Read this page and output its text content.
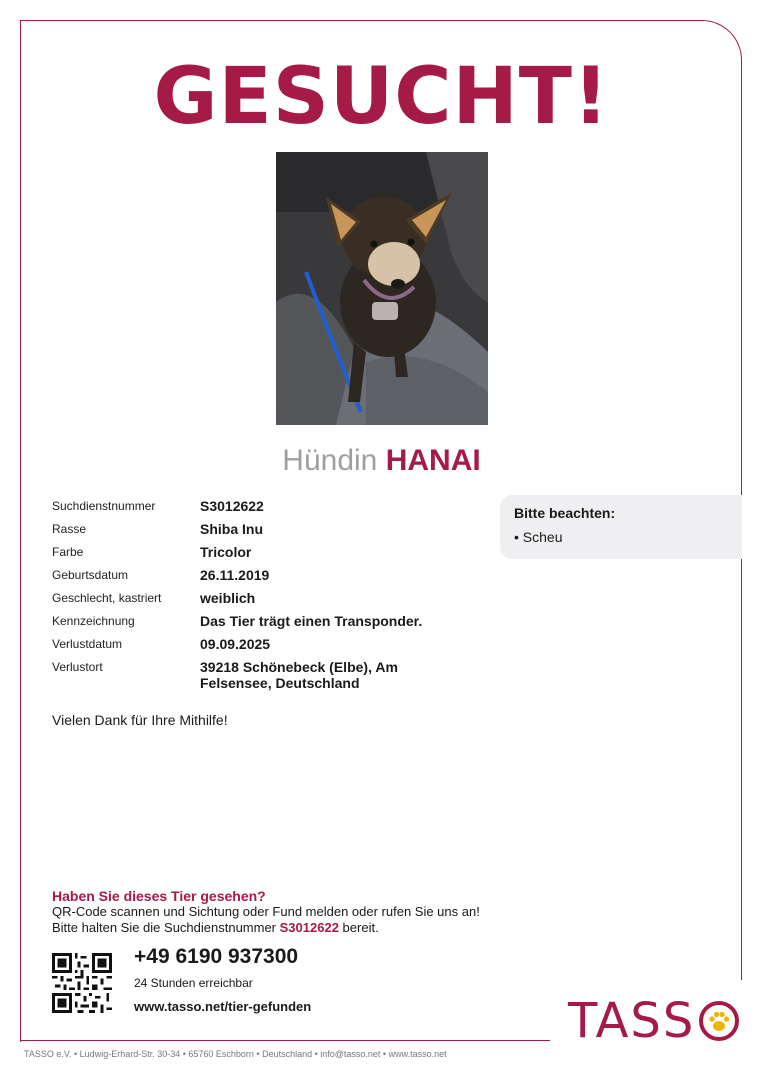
GESUCHT!
Hündin HANAI
Suchdienstnummer	S3012622
Rasse	Shiba Inu
Farbe	Tricolor
Geburtsdatum	26.11.2019
Geschlecht, kastriert	weiblich
Kennzeichnung	Das Tier trägt einen Transponder.
Verlustdatum	09.09.2025
Verlustort	39218 Schönebeck (Elbe), Am Felsensee, Deutschland
Bitte beachten:
• Scheu
Vielen Dank für Ihre Mithilfe!
Haben Sie dieses Tier gesehen?
QR-Code scannen und Sichtung oder Fund melden oder rufen Sie uns an!
Bitte halten Sie die Suchdienstnummer S3012622 bereit.
+49 6190 937300
24 Stunden erreichbar
www.tasso.net/tier-gefunden	TASS
TASSO e.V. • Ludwig-Erhard-Str. 30-34 • 65760 Eschborn • Deutschland • info@tasso.net • www.tasso.net
